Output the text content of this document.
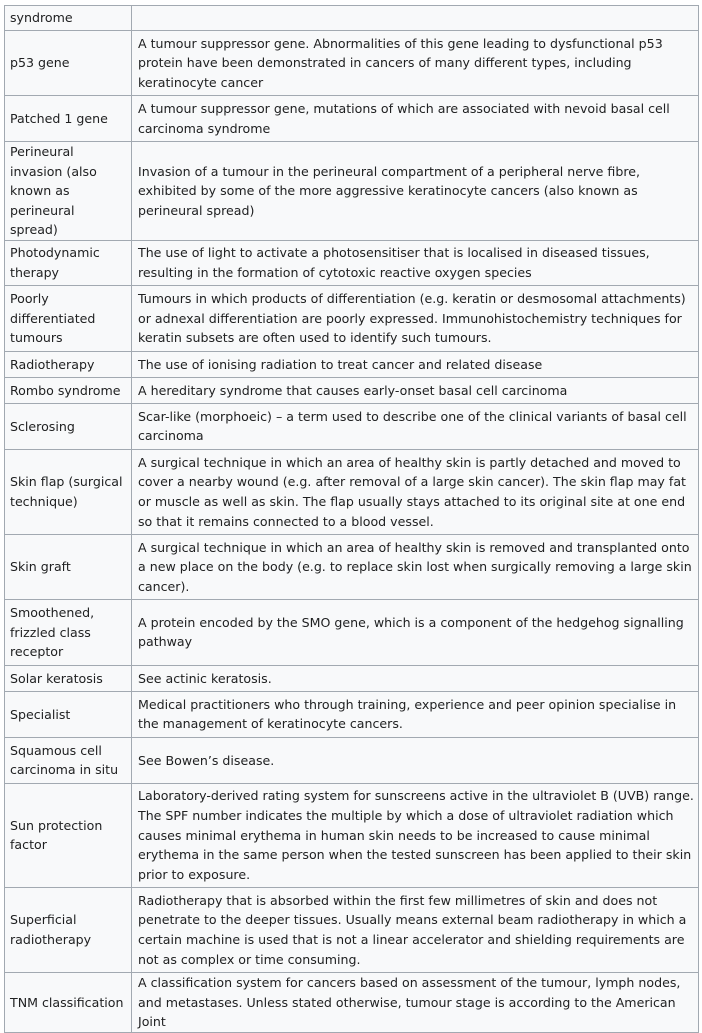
syndrome	
p53 gene	A tumour suppressor gene. Abnormalities of this gene leading to dysfunctional p53 protein have been demonstrated in cancers of many different types, including keratinocyte cancer
Patched 1 gene	A tumour suppressor gene, mutations of which are associated with nevoid basal cell carcinoma syndrome
Perineural invasion (also known as perineural spread)	Invasion of a tumour in the perineural compartment of a peripheral nerve fibre, exhibited by some of the more aggressive keratinocyte cancers (also known as perineural spread)
Photodynamic therapy	The use of light to activate a photosensitiser that is localised in diseased tissues, resulting in the formation of cytotoxic reactive oxygen species
Poorly differentiated tumours	Tumours in which products of differentiation (e.g. keratin or desmosomal attachments) or adnexal differentiation are poorly expressed. Immunohistochemistry techniques for keratin subsets are often used to identify such tumours.
Radiotherapy	The use of ionising radiation to treat cancer and related disease
Rombo syndrome	A hereditary syndrome that causes early-onset basal cell carcinoma
Sclerosing	Scar-like (morphoeic) – a term used to describe one of the clinical variants of basal cell carcinoma
Skin flap (surgical technique)	A surgical technique in which an area of healthy skin is partly detached and moved to cover a nearby wound (e.g. after removal of a large skin cancer). The skin flap may fat or muscle as well as skin. The flap usually stays attached to its original site at one end so that it remains connected to a blood vessel.
Skin graft	A surgical technique in which an area of healthy skin is removed and transplanted onto a new place on the body (e.g. to replace skin lost when surgically removing a large skin cancer).
Smoothened, frizzled class receptor	A protein encoded by the SMO gene, which is a component of the hedgehog signalling pathway
Solar keratosis	See actinic keratosis.
Specialist	Medical practitioners who through training, experience and peer opinion specialise in the management of keratinocyte cancers.
Squamous cell carcinoma in situ	See Bowen’s disease.
Sun protection factor	Laboratory-derived rating system for sunscreens active in the ultraviolet B (UVB) range. The SPF number indicates the multiple by which a dose of ultraviolet radiation which causes minimal erythema in human skin needs to be increased to cause minimal erythema in the same person when the tested sunscreen has been applied to their skin prior to exposure.
Superficial radiotherapy	Radiotherapy that is absorbed within the first few millimetres of skin and does not penetrate to the deeper tissues. Usually means external beam radiotherapy in which a certain machine is used that is not a linear accelerator and shielding requirements are not as complex or time consuming.
TNM classification	A classification system for cancers based on assessment of the tumour, lymph nodes, and metastases. Unless stated otherwise, tumour stage is according to the American Joint
